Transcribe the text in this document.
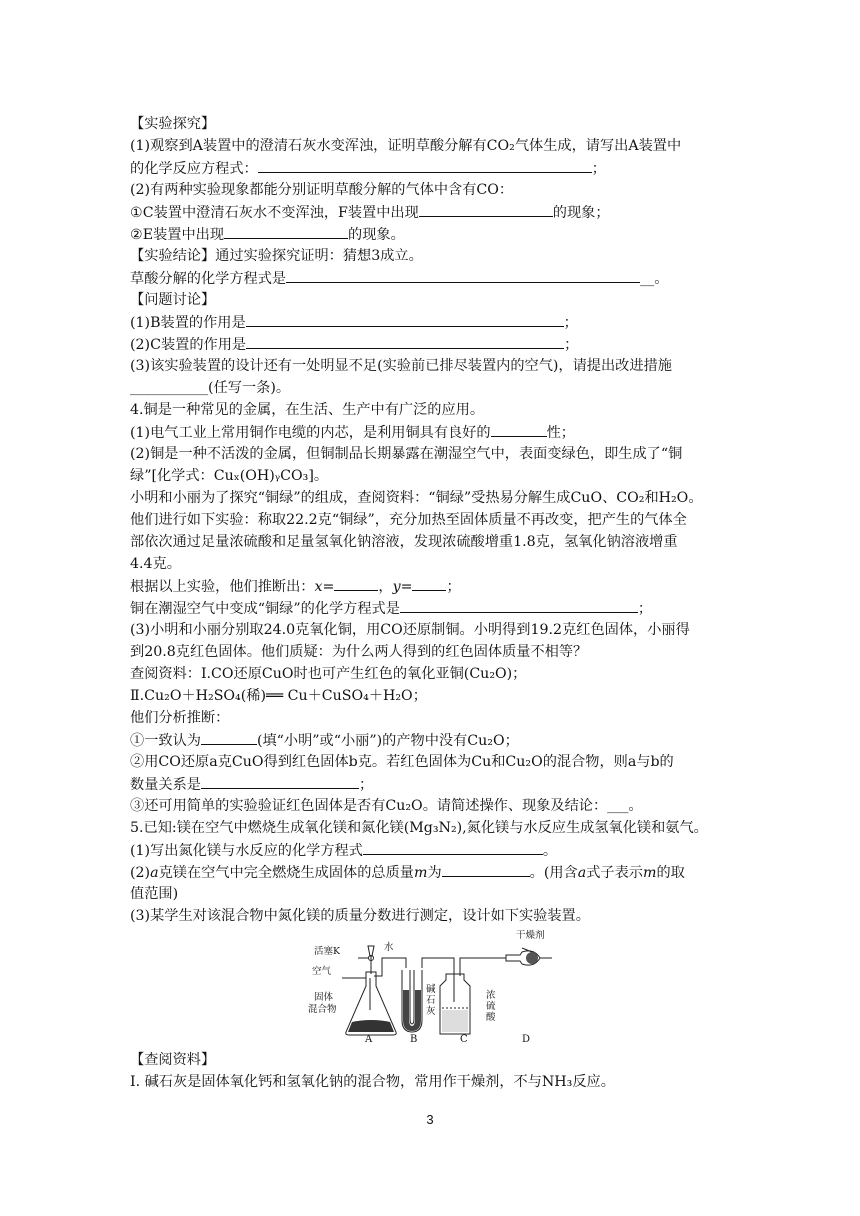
【实验探究】
(1)观察到A装置中的澄清石灰水变浑浊，证明草酸分解有CO₂气体生成，请写出A装置中
的化学反应方程式：	；
(2)有两种实验现象都能分别证明草酸分解的气体中含有CO：
①C装置中澄清石灰水不变浑浊，F装置中出现	的现象；
②E装置中出现	的现象。
【实验结论】通过实验探究证明：猜想3成立。
草酸分解的化学方程式是	__。
【问题讨论】
(1)B装置的作用是	；
(2)C装置的作用是	；
(3)该实验装置的设计还有一处明显不足(实验前已排尽装置内的空气)，请提出改进措施
___________(任写一条)。
4.铜是一种常见的金属，在生活、生产中有广泛的应用。
(1)电气工业上常用铜作电缆的内芯，是利用铜具有良好的	性；
(2)铜是一种不活泼的金属，但铜制品长期暴露在潮湿空气中，表面变绿色，即生成了“铜
绿”[化学式：Cuₓ(OH)ᵧCO₃]。
小明和小丽为了探究“铜绿”的组成，查阅资料：“铜绿”受热易分解生成CuO、CO₂和H₂O。
他们进行如下实验：称取22.2克“铜绿”，充分加热至固体质量不再改变，把产生的气体全
部依次通过足量浓硫酸和足量氢氧化钠溶液，发现浓硫酸增重1.8克，氢氧化钠溶液增重
4.4克。
根据以上实验，他们推断出：x=	，y= ；
铜在潮湿空气中变成“铜绿”的化学方程式是	；
(3)小明和小丽分别取24.0克氧化铜，用CO还原制铜。小明得到19.2克红色固体，小丽得
到20.8克红色固体。他们质疑：为什么两人得到的红色固体质量不相等？
查阅资料：Ⅰ.CO还原CuO时也可产生红色的氧化亚铜(Cu₂O)；
Ⅱ.Cu₂O＋H₂SO₄(稀)══ Cu＋CuSO₄＋H₂O；
他们分析推断：
①一致认为	(填“小明”或“小丽”)的产物中没有Cu₂O；
②用CO还原a克CuO得到红色固体b克。若红色固体为Cu和Cu₂O的混合物，则a与b的
数量关系是	；
③还可用简单的实验验证红色固体是否有Cu₂O。请简述操作、现象及结论：___。
5.已知:镁在空气中燃烧生成氧化镁和氮化镁(Mg₃N₂),氮化镁与水反应生成氢氧化镁和氨气。
(1)写出氮化镁与水反应的化学方程式	。
(2)a克镁在空气中完全燃烧生成固体的总质量m为	。(用含a式子表示m的取
值范围)
(3)某学生对该混合物中氮化镁的质量分数进行测定，设计如下实验装置。
活塞K	水
空气
固体
混合物
碱
石
灰
浓
硫
酸
干燥剂
A	B	C	D
【查阅资料】
Ⅰ. 碱石灰是固体氧化钙和氢氧化钠的混合物，常用作干燥剂，不与NH₃反应。
3
